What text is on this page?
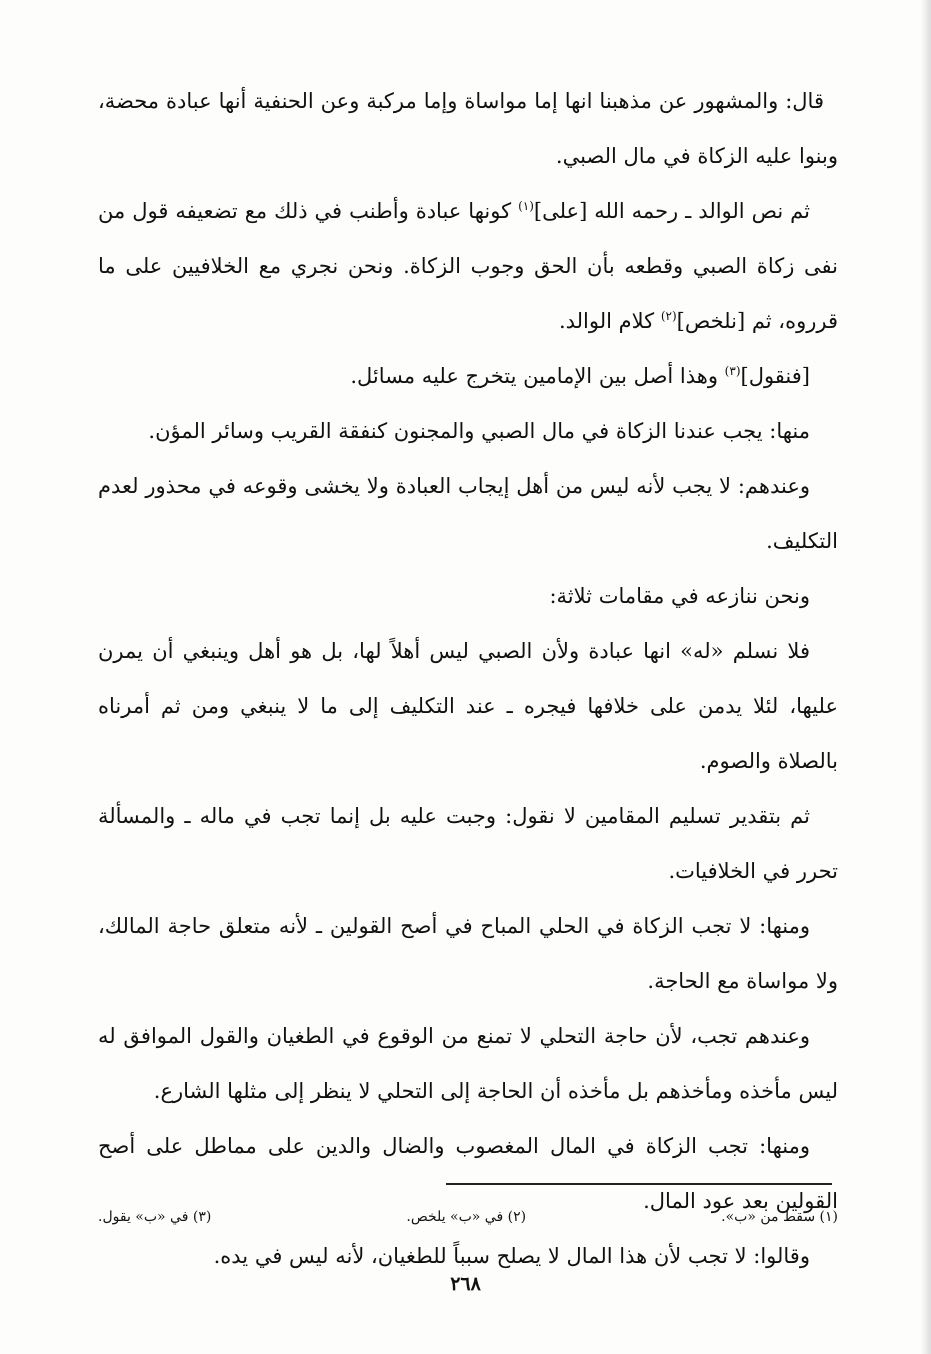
قال: والمشهور عن مذهبنا انها إما مواساة وإما مركبة وعن الحنفية أنها عبادة محضة، وبنوا عليه الزكاة في مال الصبي.

ثم نص الوالد ـ رحمه الله [على]$^{(١)}$ كونها عبادة وأطنب في ذلك مع تضعيفه قول من نفى زكاة الصبي وقطعه بأن الحق وجوب الزكاة. ونحن نجري مع الخلافيين على ما قرروه، ثم [نلخص]$^{(٢)}$ كلام الوالد.

[فنقول]$^{(٣)}$ وهذا أصل بين الإمامين يتخرج عليه مسائل.

منها: يجب عندنا الزكاة في مال الصبي والمجنون كنفقة القريب وسائر المؤن.

وعندهم: لا يجب لأنه ليس من أهل إيجاب العبادة ولا يخشى وقوعه في محذور لعدم التكليف.

ونحن ننازعه في مقامات ثلاثة:

فلا نسلم «له» انها عبادة ولأن الصبي ليس أهلاً لها، بل هو أهل وينبغي أن يمرن عليها، لئلا يدمن على خلافها فيجره ـ عند التكليف إلى ما لا ينبغي ومن ثم أمرناه بالصلاة والصوم.

ثم بتقدير تسليم المقامين لا نقول: وجبت عليه بل إنما تجب في ماله ـ والمسألة تحرر في الخلافيات.

ومنها: لا تجب الزكاة في الحلي المباح في أصح القولين ـ لأنه متعلق حاجة المالك، ولا مواساة مع الحاجة.

وعندهم تجب، لأن حاجة التحلي لا تمنع من الوقوع في الطغيان والقول الموافق له ليس مأخذه ومأخذهم بل مأخذه أن الحاجة إلى التحلي لا ينظر إلى مثلها الشارع.

ومنها: تجب الزكاة في المال المغصوب والضال والدين على مماطل على أصح القولين بعد عود المال.

وقالوا: لا تجب لأن هذا المال لا يصلح سبباً للطغيان، لأنه ليس في يده.

(١) سقط من «ب».
(٢) في «ب» يلخص.
(٣) في «ب» يقول.
٢٦٨
